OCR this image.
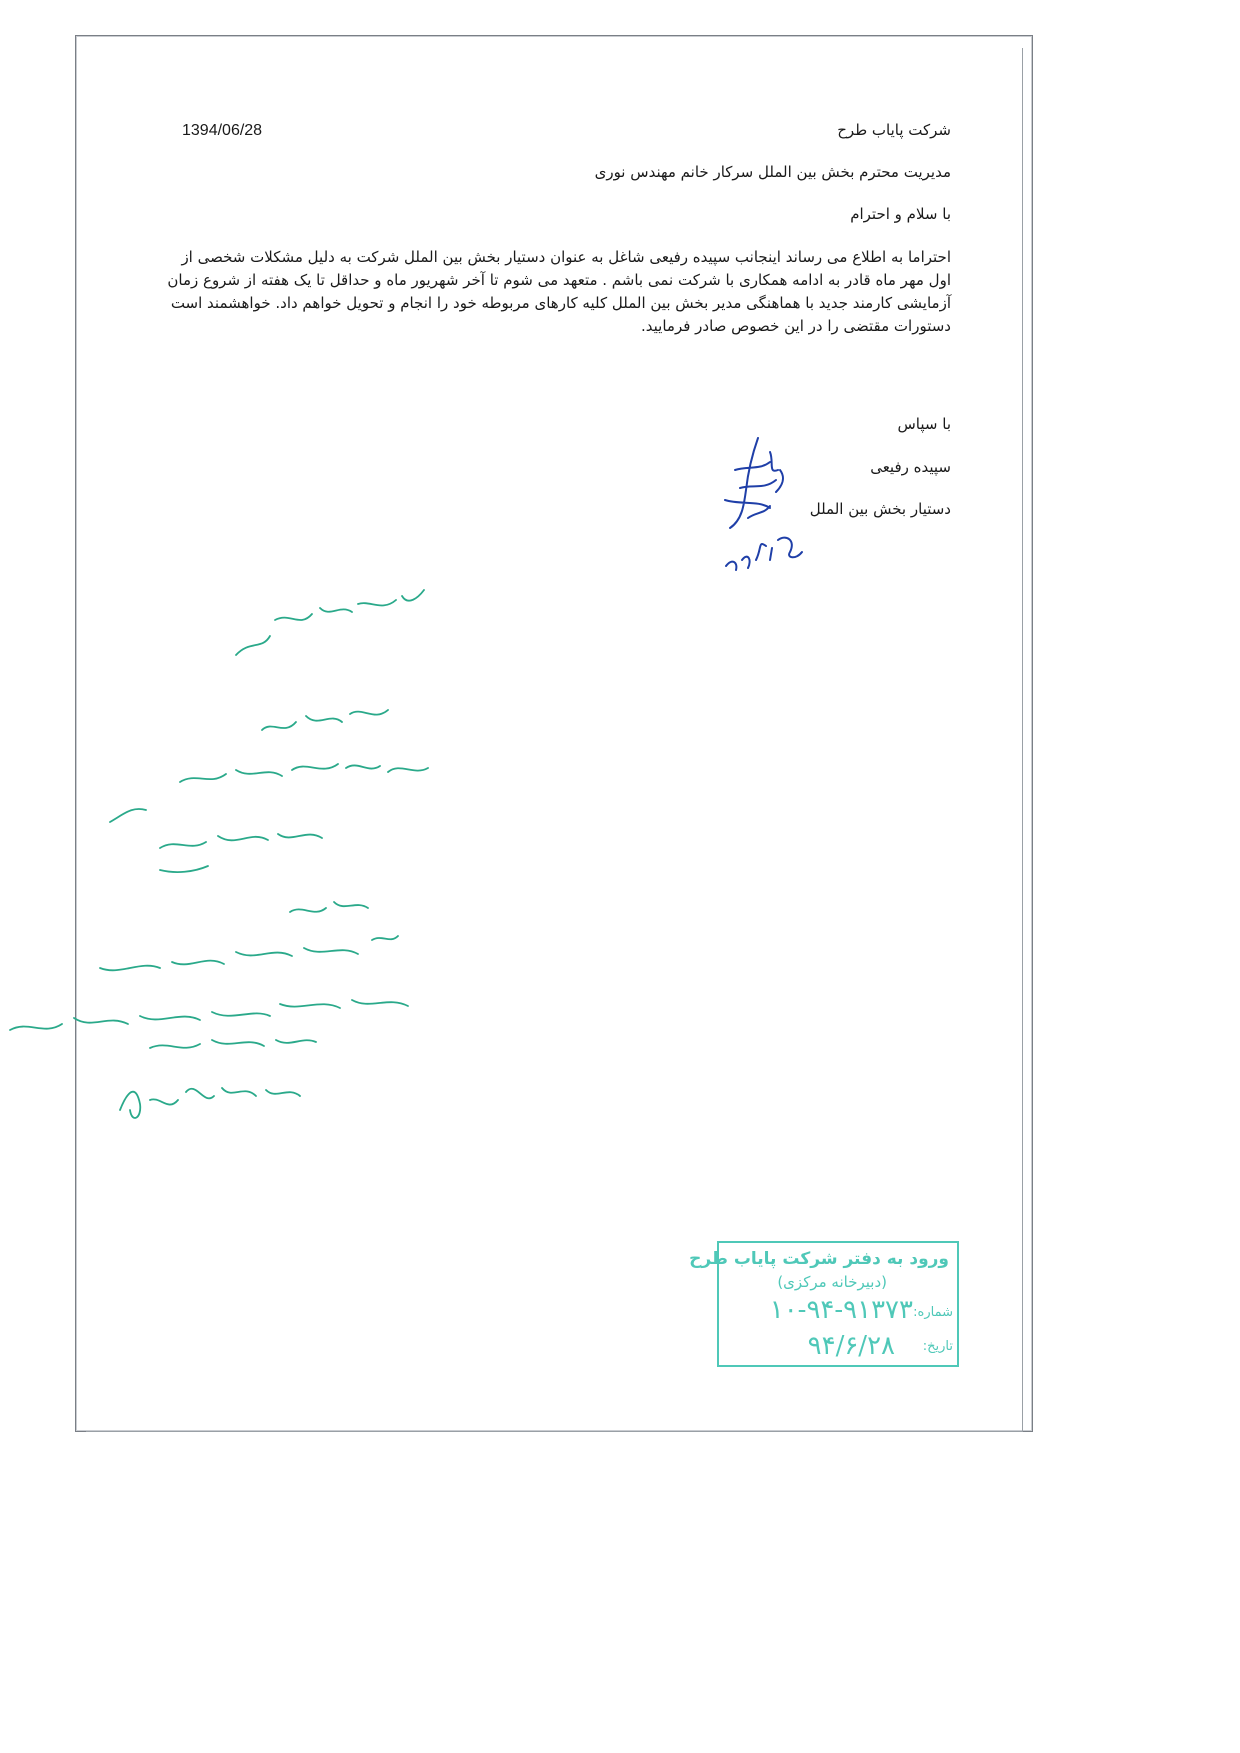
شرکت پایاب طرح
1394/06/28
مدیریت محترم بخش بین الملل سرکار خانم مهندس نوری
با سلام و احترام

احتراما به اطلاع می رساند اینجانب سپیده رفیعی شاغل به عنوان دستیار بخش بین الملل شرکت به دلیل مشکلات شخصی از

اول مهر ماه قادر به ادامه همکاری با شرکت نمی باشم . متعهد می شوم تا آخر شهریور ماه و حداقل تا یک هفته از شروع زمان

آزمایشی کارمند جدید با هماهنگی مدیر بخش بین الملل کلیه کارهای مربوطه خود را انجام و تحویل خواهم داد. خواهشمند است

دستورات مقتضی را در این خصوص صادر فرمایید.

با سپاس
سپیده رفیعی
دستیار بخش بین الملل
ورود به دفتر شرکت پایاب طرح
(دبیرخانه مرکزی)
شماره:
۱۰-۹۴-۹۱۳۷۳
تاریخ:
۹۴/۶/۲۸
